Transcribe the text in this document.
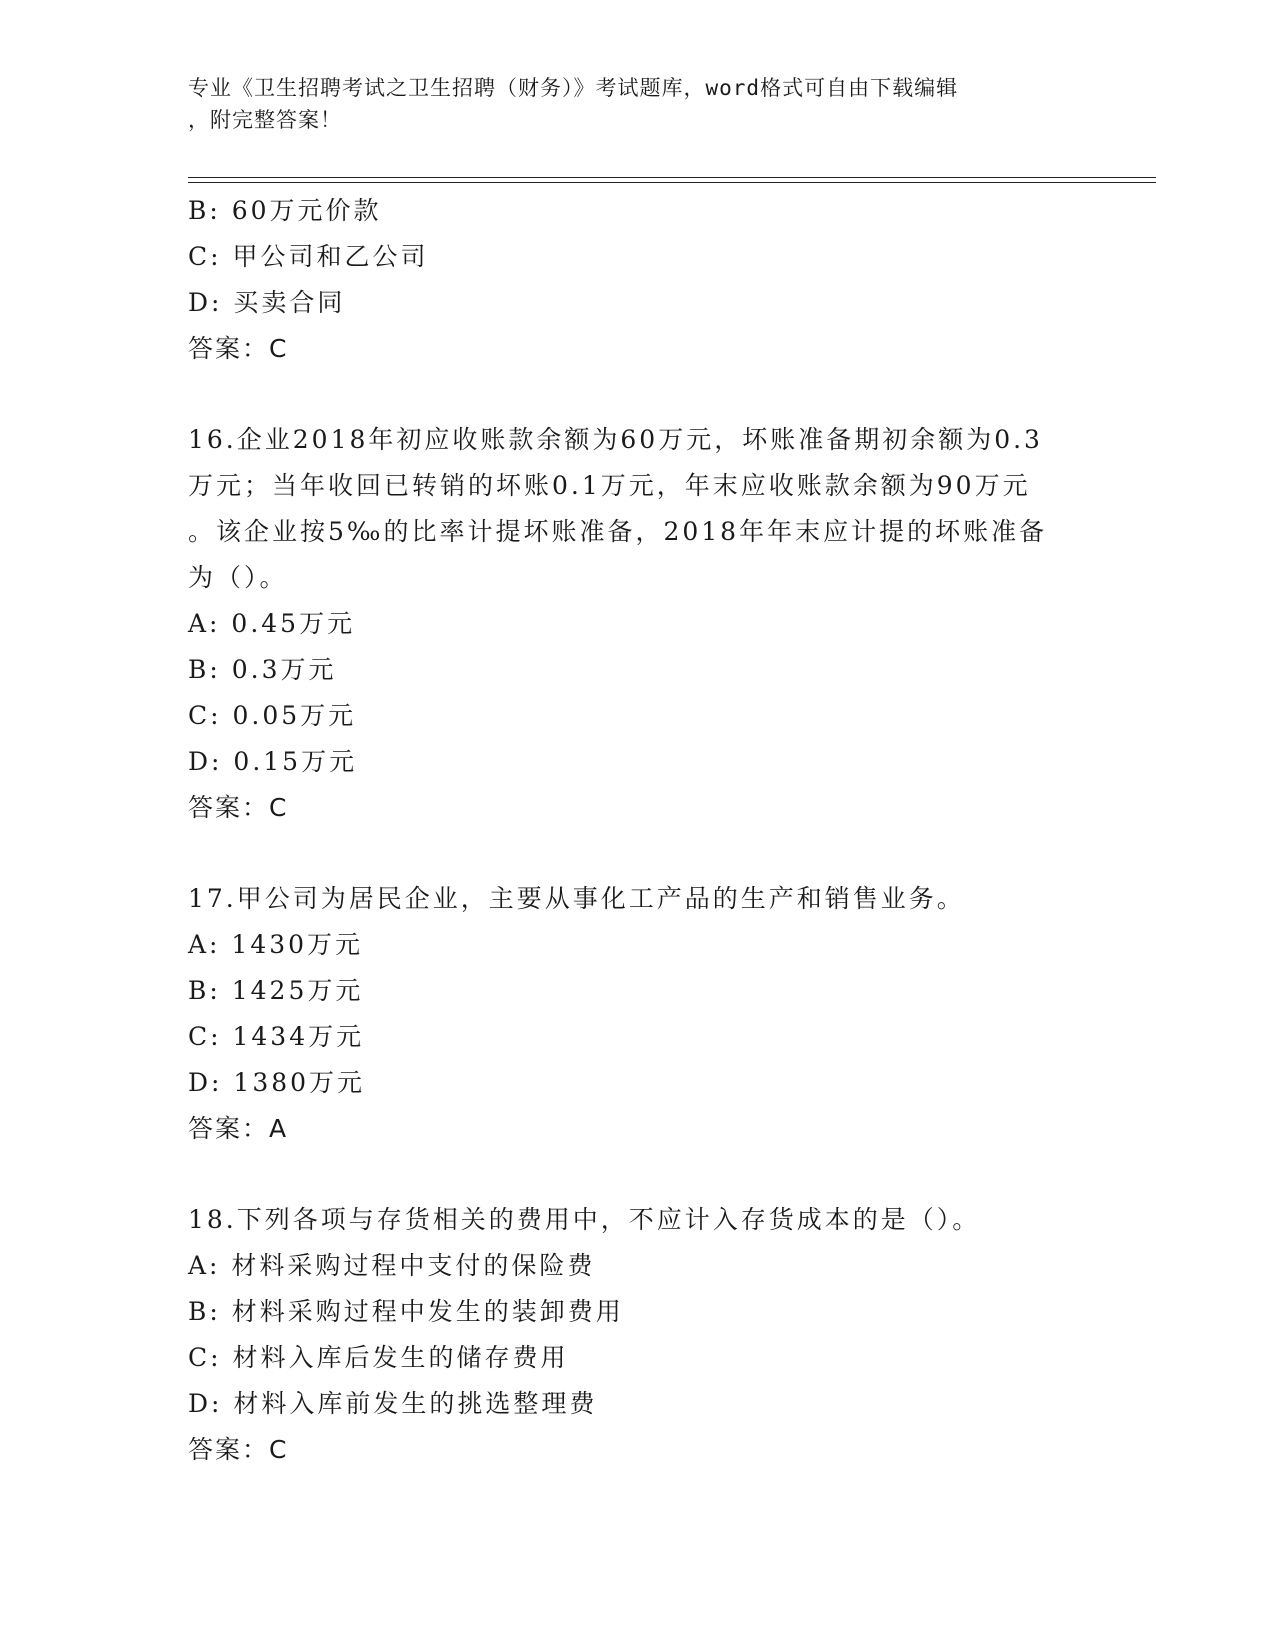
专业《卫生招聘考试之卫生招聘（财务）》考试题库，word格式可自由下载编辑
，附完整答案！
B: 60万元价款
C: 甲公司和乙公司
D: 买卖合同
答案：C
16.企业2018年初应收账款余额为60万元，坏账准备期初余额为0.3
万元；当年收回已转销的坏账0.1万元，年末应收账款余额为90万元
。该企业按5‰的比率计提坏账准备，2018年年末应计提的坏账准备
为（）。
A: 0.45万元
B: 0.3万元
C: 0.05万元
D: 0.15万元
答案：C
17.甲公司为居民企业，主要从事化工产品的生产和销售业务。
A: 1430万元
B: 1425万元
C: 1434万元
D: 1380万元
答案：A
18.下列各项与存货相关的费用中，不应计入存货成本的是（）。
A: 材料采购过程中支付的保险费
B: 材料采购过程中发生的装卸费用
C: 材料入库后发生的储存费用
D: 材料入库前发生的挑选整理费
答案：C
